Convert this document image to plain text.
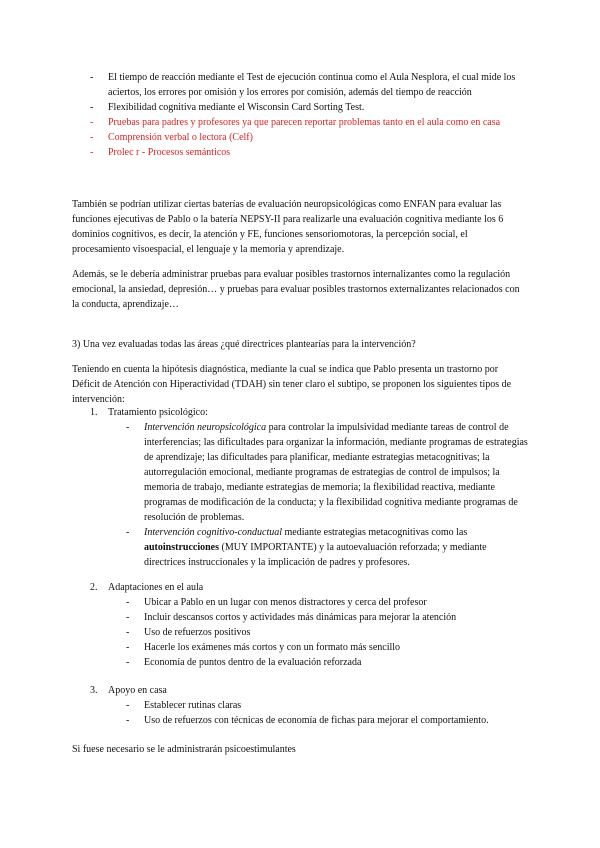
- El tiempo de reacción mediante el Test de ejecución continua como el Aula Nesplora, el cual mide los aciertos, los errores por omisión y los errores por comisión, además del tiempo de reacción
- Flexibilidad cognitiva mediante el Wisconsin Card Sorting Test.
- Pruebas para padres y profesores ya que parecen reportar problemas tanto en el aula como en casa
- Comprensión verbal o lectora (Celf)
- Prolec r - Procesos semánticos

También se podrían utilizar ciertas baterías de evaluación neuropsicológicas como ENFAN para evaluar las funciones ejecutivas de Pablo o la batería NEPSY-II para realizarle una evaluación cognitiva mediante los 6 dominios cognitivos, es decir, la atención y FE, funciones sensoriomotoras, la percepción social, el procesamiento visoespacial, el lenguaje y la memoria y aprendizaje.

Además, se le debería administrar pruebas para evaluar posibles trastornos internalizantes como la regulación emocional, la ansiedad, depresión… y pruebas para evaluar posibles trastornos externalizantes relacionados con la conducta, aprendizaje…

3) Una vez evaluadas todas las áreas ¿qué directrices plantearías para la intervención?

Teniendo en cuenta la hipótesis diagnóstica, mediante la cual se indica que Pablo presenta un trastorno por Déficit de Atención con Hiperactividad (TDAH) sin tener claro el subtipo, se proponen los siguientes tipos de intervención:

1. Tratamiento psicológico:

- Intervención neuropsicológica para controlar la impulsividad mediante tareas de control de interferencias; las dificultades para organizar la información, mediante programas de estrategias de aprendizaje; las dificultades para planificar, mediante estrategias metacognitivas; la autorregulación emocional, mediante programas de estrategias de control de impulsos; la memoria de trabajo, mediante estrategias de memoria; la flexibilidad reactiva, mediante programas de modificación de la conducta; y la flexibilidad cognitiva mediante programas de resolución de problemas.
- Intervención cognitivo-conductual mediante estrategias metacognitivas como las autoinstrucciones (MUY IMPORTANTE) y la autoevaluación reforzada; y mediante directrices instruccionales y la implicación de padres y profesores.

2. Adaptaciones en el aula

- Ubicar a Pablo en un lugar con menos distractores y cerca del profesor
- Incluir descansos cortos y actividades más dinámicas para mejorar la atención
- Uso de refuerzos positivos
- Hacerle los exámenes más cortos y con un formato más sencillo
- Economía de puntos dentro de la evaluación reforzada

3. Apoyo en casa

- Establecer rutinas claras
- Uso de refuerzos con técnicas de economía de fichas para mejorar el comportamiento.

Si fuese necesario se le administrarán psicoestimulantes
